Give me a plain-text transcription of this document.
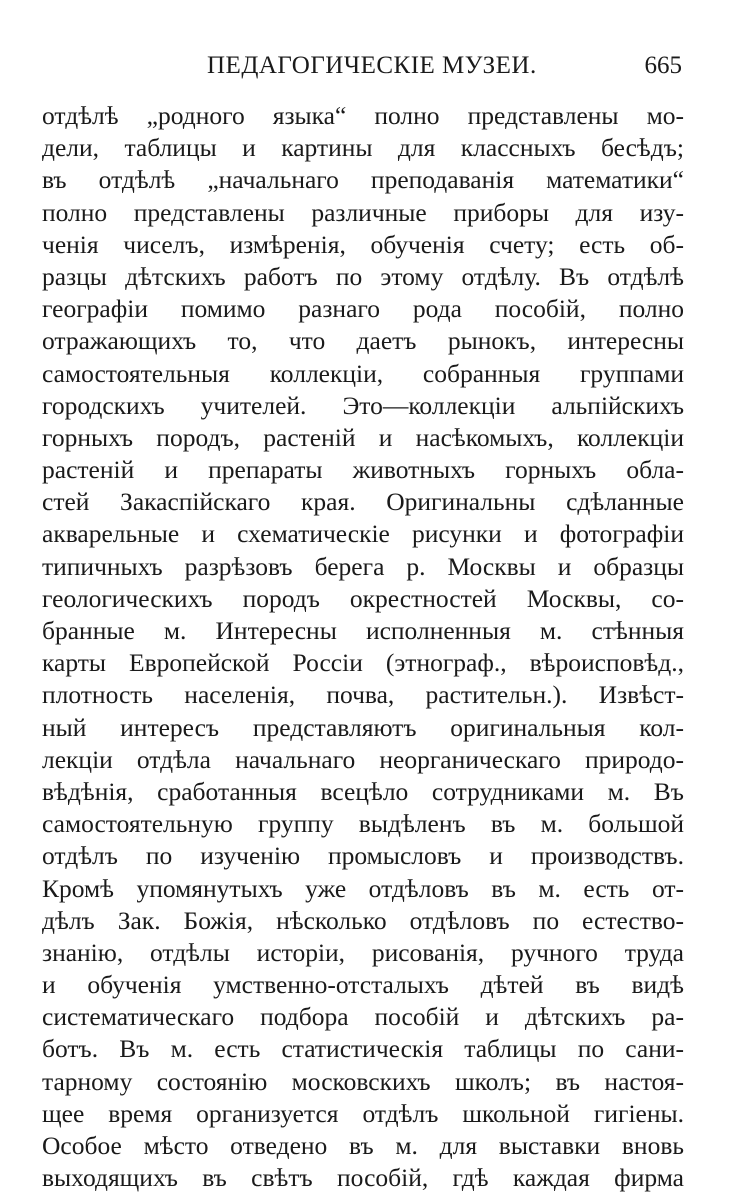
ПЕДАГОГИЧЕСКІЕ МУЗЕИ.	665
отдѣлѣ „родного языка“ полно представлены мо-
дели, таблицы и картины для классныхъ бесѣдъ;
въ отдѣлѣ „начальнаго преподаванія математики“
полно представлены различные приборы для изу-
ченія чиселъ, измѣренія, обученія счету; есть об-
разцы дѣтскихъ работъ по этому отдѣлу. Въ отдѣлѣ
географіи помимо разнаго рода пособій, полно
отражающихъ то, что даетъ рынокъ, интересны
самостоятельныя коллекціи, собранныя группами
городскихъ учителей. Это—коллекціи альпійскихъ
горныхъ породъ, растеній и насѣкомыхъ, коллекціи
растеній и препараты животныхъ горныхъ обла-
стей Закаспійскаго края. Оригинальны сдѣланные
акварельные и схематическіе рисунки и фотографіи
типичныхъ разрѣзовъ берега р. Москвы и образцы
геологическихъ породъ окрестностей Москвы, со-
бранные м. Интересны исполненныя м. стѣнныя
карты Европейской Россіи (этнограф., вѣроисповѣд.,
плотность населенія, почва, растительн.). Извѣст-
ный интересъ представляютъ оригинальныя кол-
лекціи отдѣла начальнаго неорганическаго природо-
вѣдѣнія, сработанныя всецѣло сотрудниками м. Въ
самостоятельную группу выдѣленъ въ м. большой
отдѣлъ по изученію промысловъ и производствъ.
Кромѣ упомянутыхъ уже отдѣловъ въ м. есть от-
дѣлъ Зак. Божія, нѣсколько отдѣловъ по естество-
знанію, отдѣлы исторіи, рисованія, ручного труда
и обученія умственно-отсталыхъ дѣтей въ видѣ
систематическаго подбора пособій и дѣтскихъ ра-
ботъ. Въ м. есть статистическія таблицы по сани-
тарному состоянію московскихъ школъ; въ настоя-
щее время организуется отдѣлъ школьной гигіены.
Особое мѣсто отведено въ м. для выставки вновь
выходящихъ въ свѣтъ пособій, гдѣ каждая фирма
